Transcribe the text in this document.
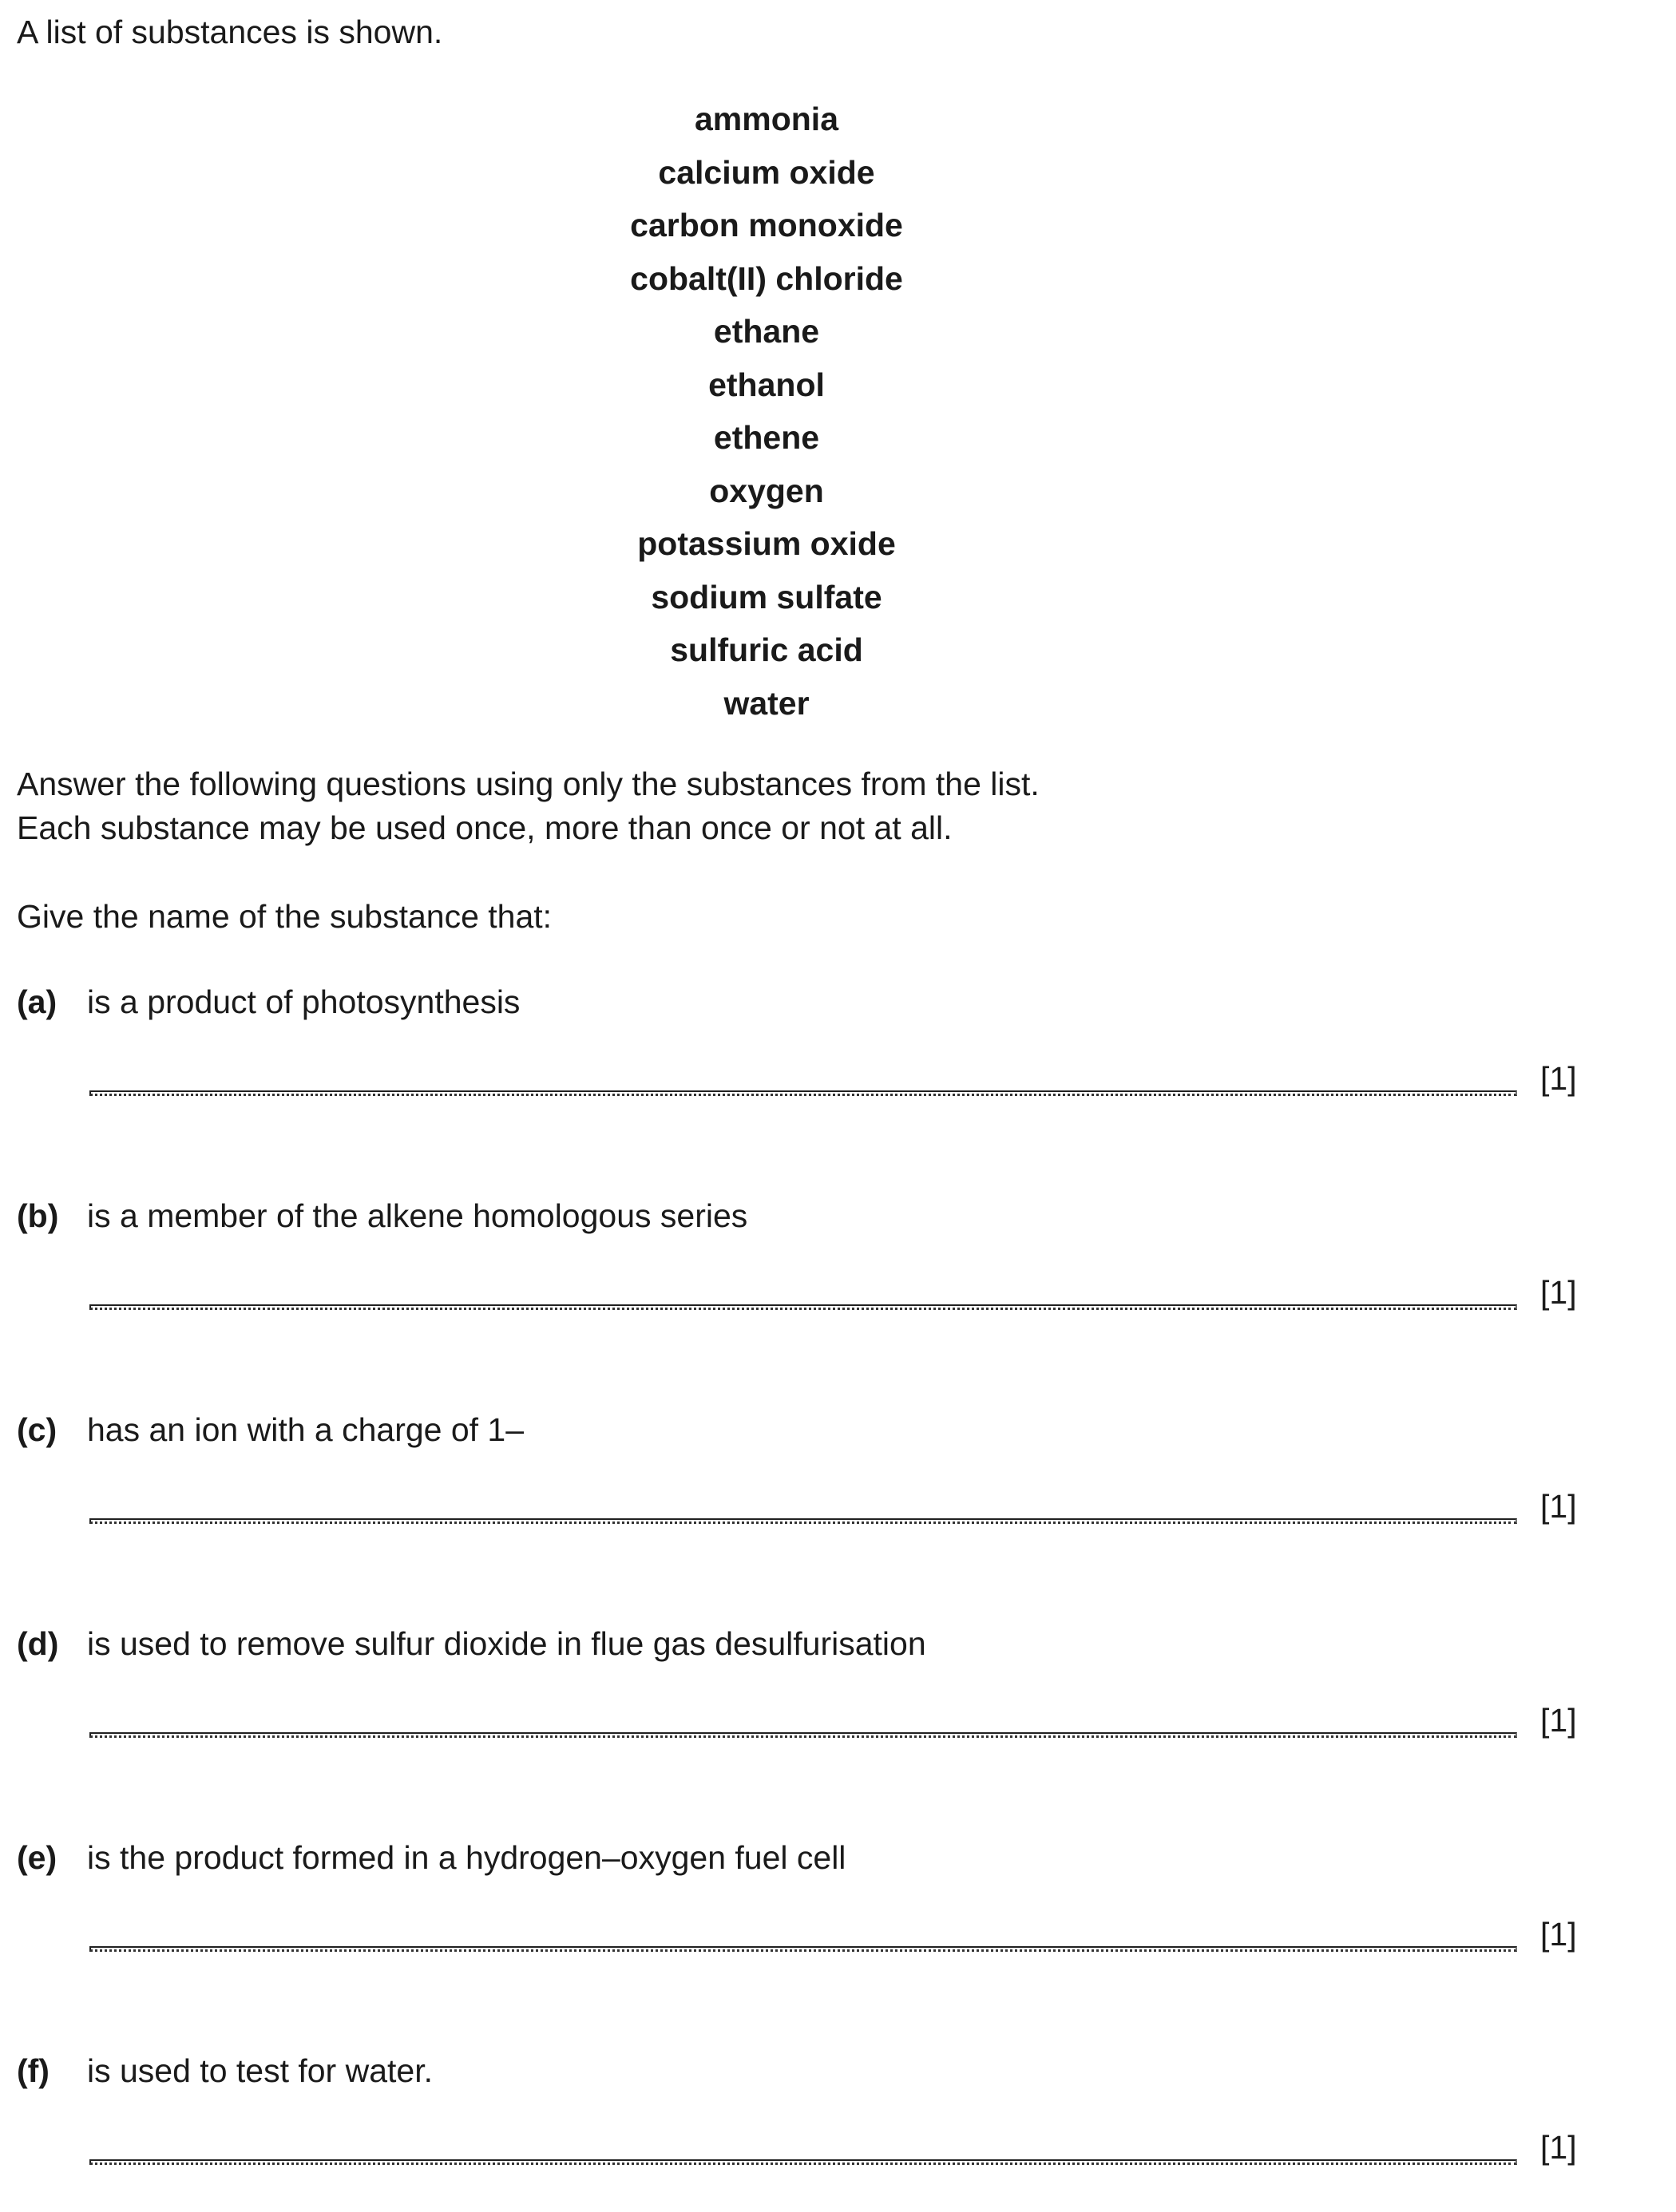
A list of substances is shown.

ammonia
calcium oxide
carbon monoxide
cobalt(II) chloride
ethane
ethanol
ethene
oxygen
potassium oxide
sodium sulfate
sulfuric acid
water
Answer the following questions using only the substances from the list.
Each substance may be used once, more than once or not at all.

Give the name of the substance that:

(a) is a product of photosynthesis
[1]
(b) is a member of the alkene homologous series
[1]
(c) has an ion with a charge of 1–
[1]
(d) is used to remove sulfur dioxide in flue gas desulfurisation
[1]
(e) is the product formed in a hydrogen–oxygen fuel cell
[1]
(f) is used to test for water.
[1]
